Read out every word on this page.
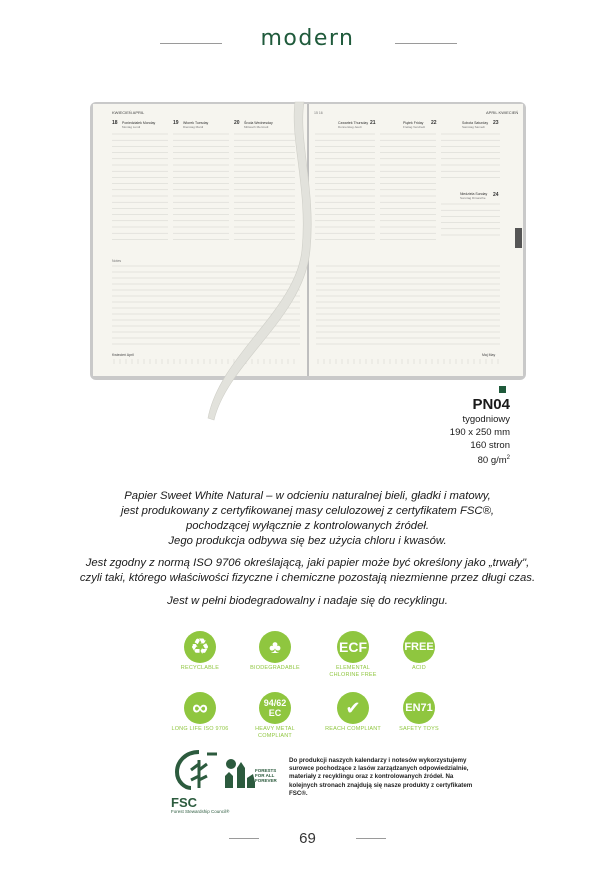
modern
KWIECIEŃ APRIL	APRIL KWIECIEŃ
15 16
18 Poniedziałek Monday
Montag Lundi
19 Wtorek Tuesday
Dienstag Mardi
20 Środa Wednesday
Mittwoch Mercredi
Czwartek Thursday
Donnerstag Jeudi
21	Piątek Friday
Freitag Vendredi
22	Sobota Saturday
Samstag Samedi
23
Niedziela Sunday
Sonntag Dimanche 24
Notes
Kwiecień April	Maj May
PN04
tygodniowy
190 x 250 mm
160 stron
80 $g/m^2$
Papier Sweet White Natural – w odcieniu naturalnej bieli, gładki i matowy,
jest produkowany z certyfikowanej masy celulozowej z certyfikatem FSC®,
pochodzącej wyłącznie z kontrolowanych źródeł.
Jego produkcja odbywa się bez użycia chloru i kwasów.
Jest zgodny z normą ISO 9706 określającą, jaki papier może być określony jako „trwały",
czyli taki, którego właściwości fizyczne i chemiczne pozostają niezmienne przez długi czas.
Jest w pełni biodegradowalny i nadaje się do recyklingu.
♻
RECYCLABLE
♣
BIODEGRADABLE
ECF
ELEMENTAL CHLORINE FREE
FREE
ACID
∞
LONG LIFE ISO 9706
94/62 EC
HEAVY METAL COMPLIANT
✔
REACH COMPLIANT
EN71
SAFETY TOYS
FSC
Forest Stewardship Council®
FORESTS FOR ALL FOREVER
Do produkcji naszych kalendarzy i notesów wykorzystujemy surowce pochodzące z lasów zarządzanych odpowiedzialnie, materiały z recyklingu oraz z kontrolowanych źródeł. Na kolejnych stronach znajdują się nasze produkty z certyfikatem FSC®.
69
